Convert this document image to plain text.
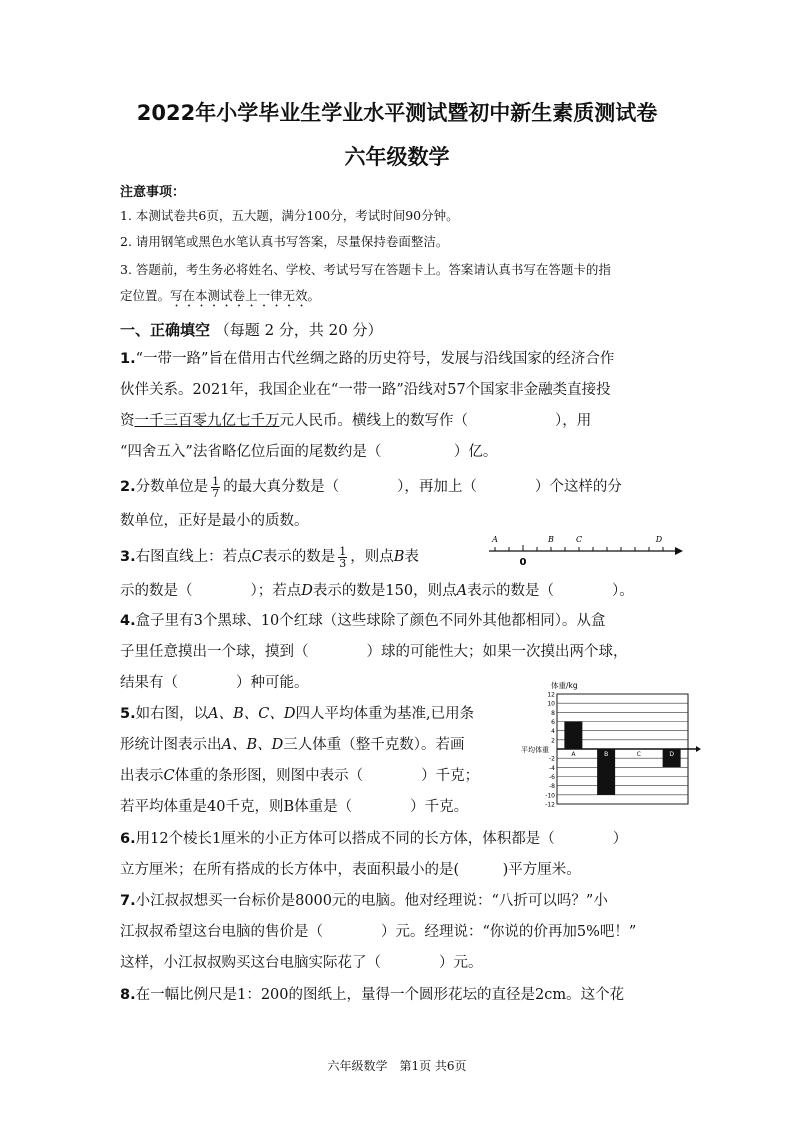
2022年小学毕业生学业水平测试暨初中新生素质测试卷
六年级数学
注意事项：
1. 本测试卷共6页，五大题，满分100分，考试时间90分钟。
2. 请用钢笔或黑色水笔认真书写答案，尽量保持卷面整洁。
3. 答题前，考生务必将姓名、学校、考试号写在答题卡上。答案请认真书写在答题卡的指
定位置。写在本测试卷上一律无效。
一、正确填空 （每题 2 分，共 20 分）
1.“一带一路”旨在借用古代丝绸之路的历史符号，发展与沿线国家的经济合作
伙伴关系。2021年，我国企业在“一带一路”沿线对57个国家非金融类直接投
资一千三百零九亿七千万元人民币。横线上的数写作（　　　　　　），用
“四舍五入”法省略亿位后面的尾数约是（　　　　　）亿。
2.分数单位是 $\frac{1}{7}$ 的最大真分数是（　　　　），再加上（　　　　）个这样的分
数单位，正好是最小的质数。
3.右图直线上：若点C表示的数是 $\frac{1}{3}$ ，则点B表
示的数是（　　　　）；若点D表示的数是150，则点A表示的数是（　　　　）。
A	B	C	D
0
4.盒子里有3个黑球、10个红球（这些球除了颜色不同外其他都相同）。从盒
子里任意摸出一个球，摸到（　　　　）球的可能性大；如果一次摸出两个球，
结果有（　　　　）种可能。
5.如右图，以A、B、C、D四人平均体重为基准,已用条
形统计图表示出A、B、D三人体重（整千克数）。若画
出表示C体重的条形图，则图中表示（　　　　）千克；
若平均体重是40千克，则B体重是（　　　　）千克。
12
10
8
6
4
2
-2
-4
-6
-8
-10
-12
平均体重
体重/kg
A	B	C	D
6.用12个棱长1厘米的小正方体可以搭成不同的长方体，体积都是（　　　　）
立方厘米；在所有搭成的长方体中，表面积最小的是(　　　)平方厘米。
7.小江叔叔想买一台标价是8000元的电脑。他对经理说：“八折可以吗？”小
江叔叔希望这台电脑的售价是（　　　　）元。经理说：“你说的价再加5%吧！”
这样，小江叔叔购买这台电脑实际花了（　　　　）元。
8.在一幅比例尺是1：200的图纸上，量得一个圆形花坛的直径是2cm。这个花
六年级数学　第1页 共6页
